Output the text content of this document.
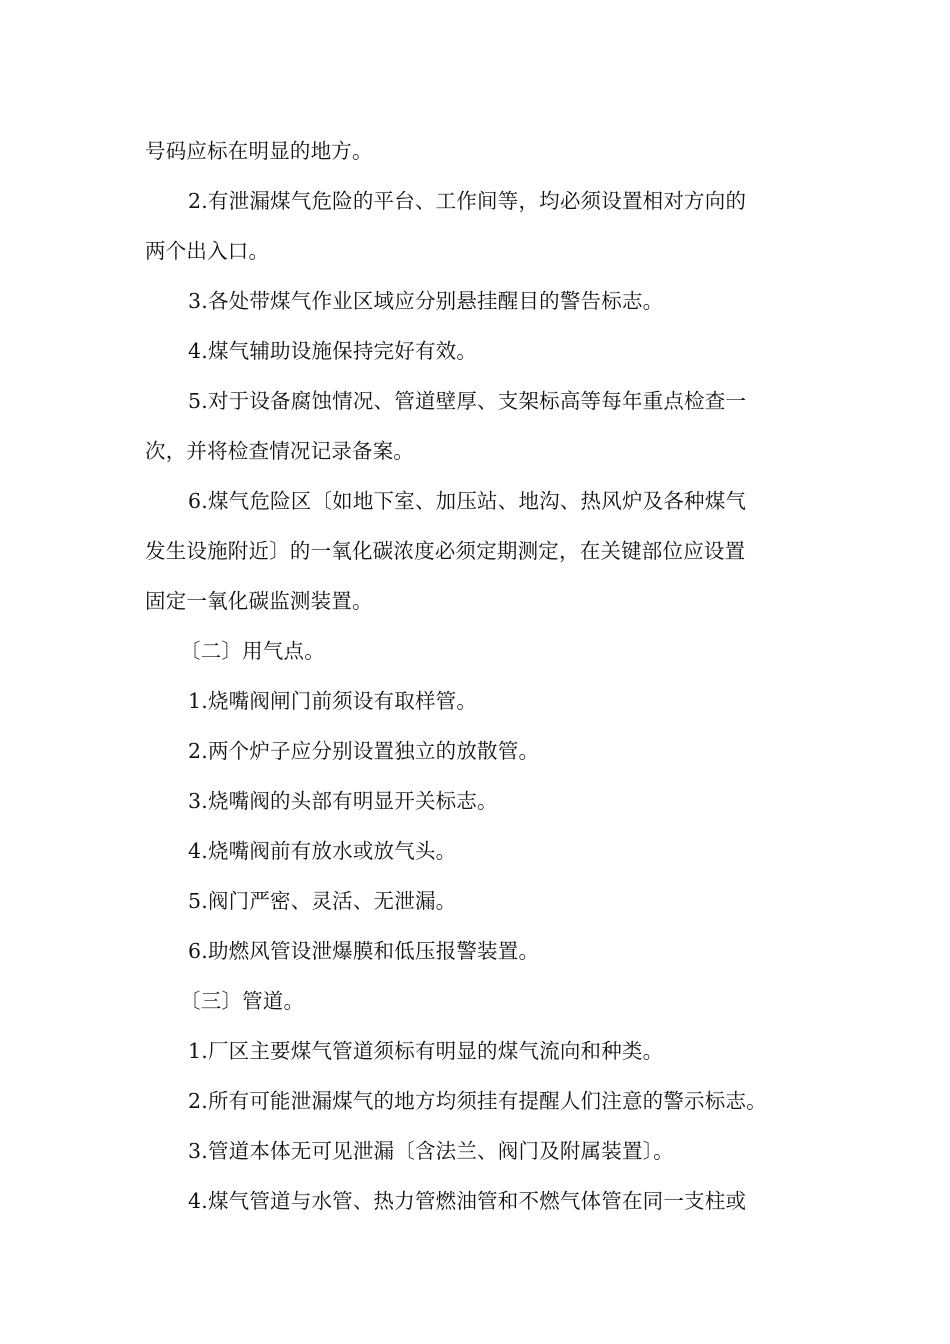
号码应标在明显的地方。
2.有泄漏煤气危险的平台、工作间等，均必须设置相对方向的
两个出入口。
3.各处带煤气作业区域应分别悬挂醒目的警告标志。
4.煤气辅助设施保持完好有效。
5.对于设备腐蚀情况、管道壁厚、支架标高等每年重点检查一
次，并将检查情况记录备案。
6.煤气危险区〔如地下室、加压站、地沟、热风炉及各种煤气
发生设施附近〕的一氧化碳浓度必须定期测定，在关键部位应设置
固定一氧化碳监测装置。
〔二〕用气点。
1.烧嘴阀闸门前须设有取样管。
2.两个炉子应分别设置独立的放散管。
3.烧嘴阀的头部有明显开关标志。
4.烧嘴阀前有放水或放气头。
5.阀门严密、灵活、无泄漏。
6.助燃风管设泄爆膜和低压报警装置。
〔三〕管道。
1.厂区主要煤气管道须标有明显的煤气流向和种类。
2.所有可能泄漏煤气的地方均须挂有提醒人们注意的警示标志。
3.管道本体无可见泄漏〔含法兰、阀门及附属装置〕。
4.煤气管道与水管、热力管燃油管和不燃气体管在同一支柱或
